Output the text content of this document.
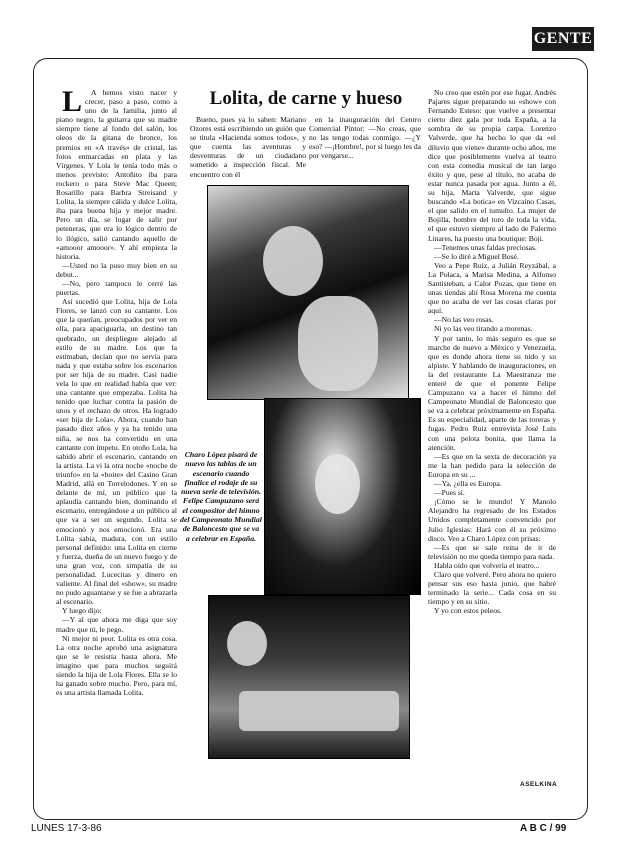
GENTE
Lolita, de carne y hueso

L A hemos visto nacer y crecer, paso a paso, como a uno de la familia, junto al piano negro, la guitarra que su madre siempre tiene al fondo del salón, los oleos de la gitana de bronce, los premios en «A través» de cristal, las fotos enmarcadas en plata y las Vírgenes. Y Lola le tenía todo más o menos previsto: Antoñito iba para rockero o para Steve Mac Queen; Rosarillo para Barbra Streisand y Lolita, la siempre cálida y dulce Lolita, iba para buena hija y mejor madre. Pero un día, se lugar de salir por peteneras, que era lo lógico dentro de lo ilógico, salió cantando aquello de «amooor amooor». Y ahí empieza la historia.

—Usted no la puso muy bien en su debut...

—No, pero tampoco le cerré las puertas.

Así sucedió que Lolita, hija de Lola Flores, se lanzó con su cantante. Los que la querían, preocupados por ver en ella, para apaciguarla, un destino tan quebrado, un despliegue alejado al estilo de su madre. Los que la estimaban, decían que no servía para nada y que estaba sobre los escenarios por ser hija de su madre. Casi nadie vela lo que en realidad había que ver: una cantante que empezaba. Lolita ha tenido que luchar contra la pasión de unos y el rechazo de otros. Ha logrado «ser hija de Lola». Ahora, cuando han pasado diez años y ya ha tenido una niña, se nos ha convertido en una cantante con ímpetu. En otoño Lola, ha sabido abrir el escenario, cantando en la artista. La vi la otra noche «noche de triunfo» en la «boite» del Casino Gran Madrid, allá en Torrelodones. Y en se delante de mí, un público que la aplaudía cantando bien, dominando el escenario, entregándose a un público al que va a ser un segundo. Lolita se emocionó y nos emocionó. Era una Lolita sabia, madura, con un estilo personal definido: una Lolita en cierne y fuerza, dueña de un nuevo fuego y de una gran voz, con simpatía de su personalidad. Lucecitas y dinero en valiente. Al final del «show», su madre no pudo aguantarse y se fue a abrazarla al escenario.

Y luego dijo:

—Y al que ahora me diga que soy madre que tú, le pego.

Ni mejor ni peor. Lolita es otra cosa. La otra noche aprobó una asignatura que se le resistía hasta ahora. Me imagino que para muchos seguirá siendo la hija de Lola Flores. Ella se lo ha ganado sobre mucho. Pero, para mí, es una artista llamada Lolita.

Bueno, pues ya lo saben: Mariano Ozores está escribiendo un guión que se titula «Hacienda somos todos», y que cuenta las aventuras y desventuras de un ciudadano sometido a inspección fiscal. Me encuentro con él

en la inauguración del Centro Comercial Pintor: —No creas, que no las tengo todas conmigo. —¿Y eso? —¡Hombre!, por si luego les da por vengarse...

Charo López pisará de nuevo las tablas de un escenario cuando finalice el rodaje de su nueva serie de televisión. Felipe Campuzano será el compositor del himno del Campeonato Mundial de Baloncesto que se va a celebrar en España.

No creo que estén por ese fugar. Andrés Pajares sigue preparando su «show» con Fernando Esteso: que vuelve a presentar cierto diez gala por toda España, a la sombra de su propia carpa. Lorenzo Valverde, que ha hecho lo que da «el diluvio que viene» durante ocho años, me dice que posiblemente vuelva al teatro con esta comedia musical de tan largo éxito y que, pese al título, no acaba de estar nunca pasada por agua. Junto a él, su hija, Marta Valverde, que sigue buscando «La botica» en Vizcaíno Casas, el que salido en el tumulto. La mujer de Bojilla, hombre del toro de toda la vida, el que estuvo siempre al lado de Palermo Linares, ha puesto una boutique: Boji.

—Tenemos unas faldas preciosas.

—Se lo diré a Miguel Bosé.

Veo a Pepe Ruiz, a Julián Reyzábal, a La Polaca, a Marisa Medina, a Alfonso Santisteban, a Calor Pozas, que tiene en unas tiendas ahí Rosa Morena me cuenta que no acaba de ver las cosas claras por aquí.

—No las veo rosas.

Ni yo las veo tirando a morenas.

Y por tanto, lo más seguro es que se marche de nuevo a México y Venezuela, que es donde ahora tiene su nido y su alpiste. Y hablando de inauguraciones, en la del restaurante La Maestranza me enteré de que el ponente Felipe Campuzano va a hacer el himno del Campeonato Mundial de Baloncesto que se va a celebrar próximamente en España. Es su especialidad, aparte de las toreras y fugas. Pedro Ruiz entrevista José Luis con una pelota bonita, que llama la atención.

—Es que en la sexta de decoración ya me la han pedido para la selección de Europa en su ...

—Ya, ¿ella es Europa.

—Pues sí.

¡Cómo se le mundo! Y Manolo Alejandro ha regresado de los Estados Unidos completamente convencido por Julio Iglesias: Hará con él su próximo disco. Veo a Charo López con prisas:

—Es que se sale reina de ir de televisión no me queda tiempo para nada.

Habla oído que volvería el teatro...

Claro que volveré. Pero ahora no quiero pensar sus eso hasta junio, que habré terminado la serie... Cada cosa en su tiempo y en su sitio.

Y yo con estos peleos.

ASELKINA
LUNES 17-3-86	A B C / 99
